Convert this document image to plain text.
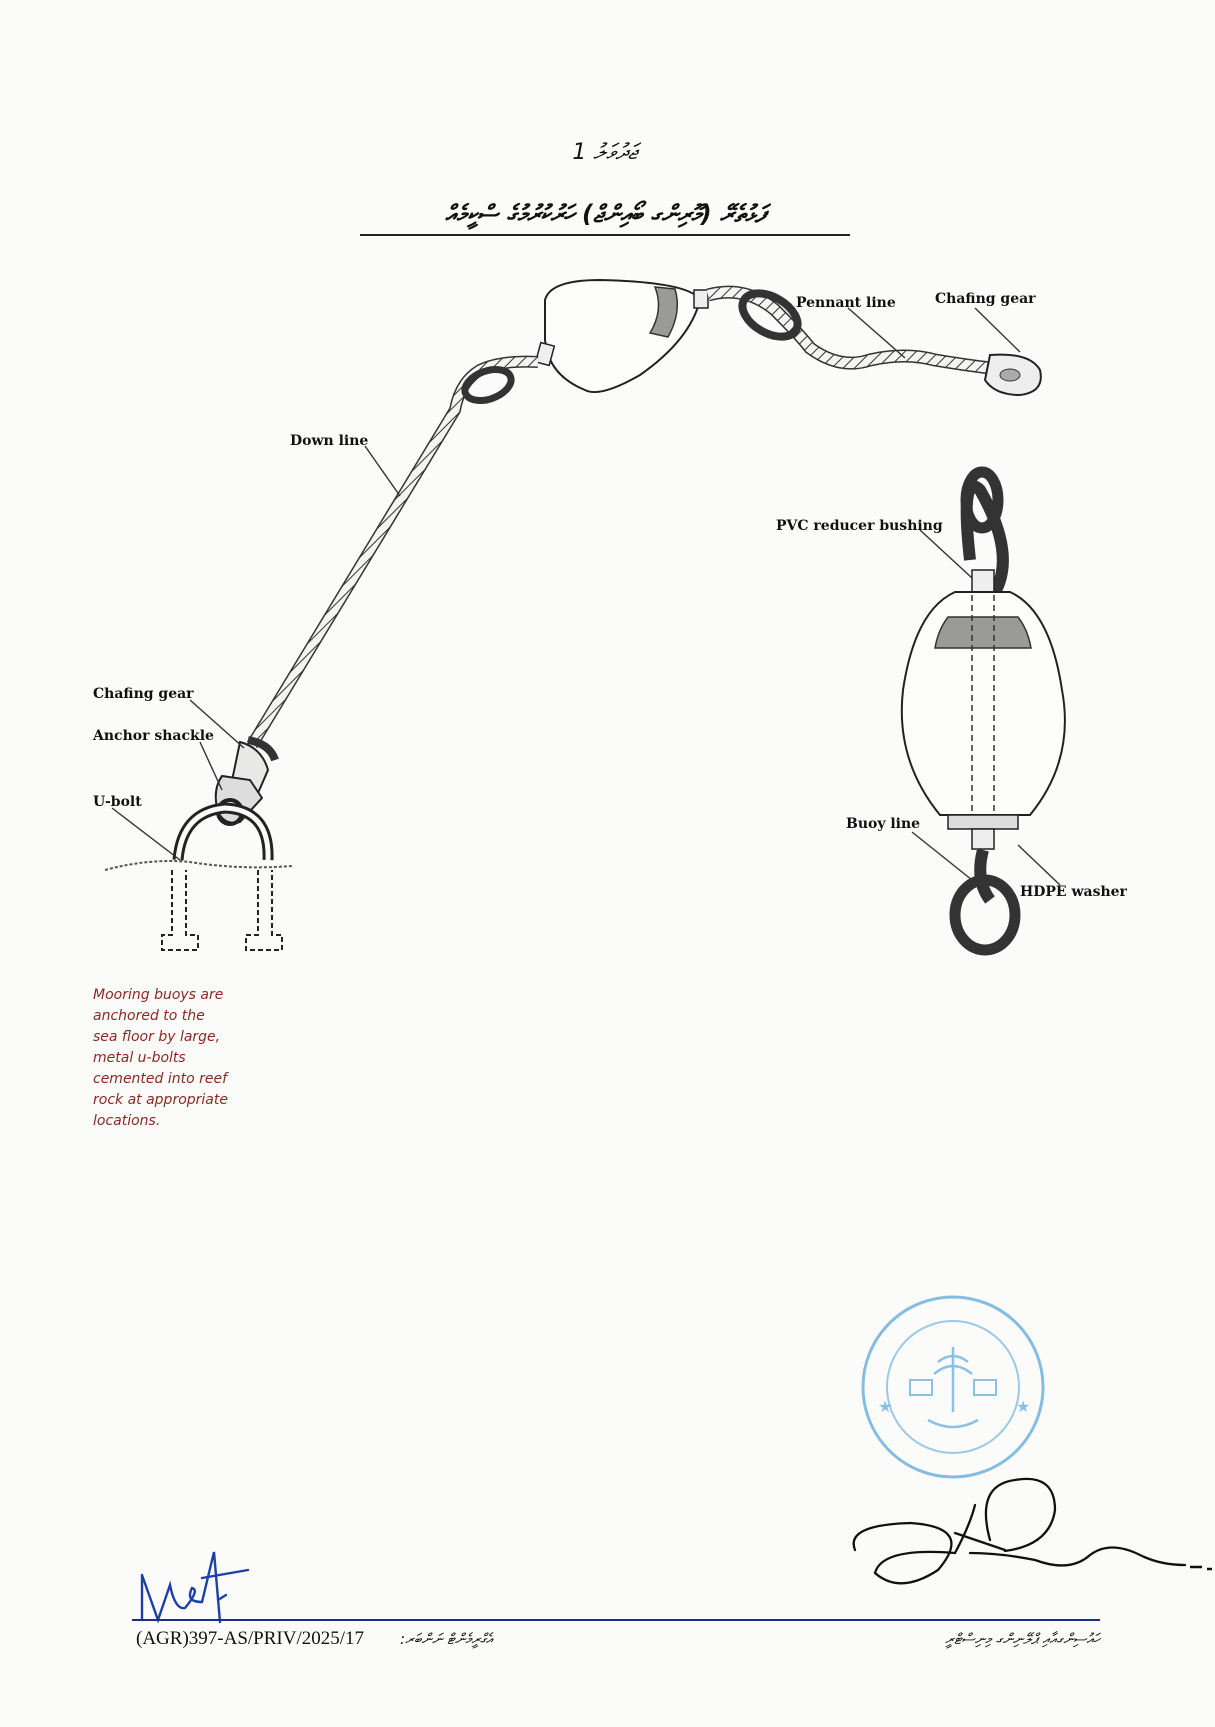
ޖަދުވަލު 1
ފަޅުތެރޭ (މޫރިންގ ބޯއިންޖް) ހަރުކުރުމުގެ ސްކީމެއް
Pennant line	Chafing gear
Down line
PVC reducer bushing
Chafing gear
Anchor shackle
U-bolt
Buoy line
HDPE washer
Mooring buoys are anchored to the sea floor by large, metal u-bolts cemented into reef rock at appropriate locations.
★	★
(AGR)397-AS/PRIV/2025/17 އެގްރީމެންޓް ނަންބަރ:	ހައުސިންގއާއި ޕްލޭނިންގ މިނިސްޓްރީ
